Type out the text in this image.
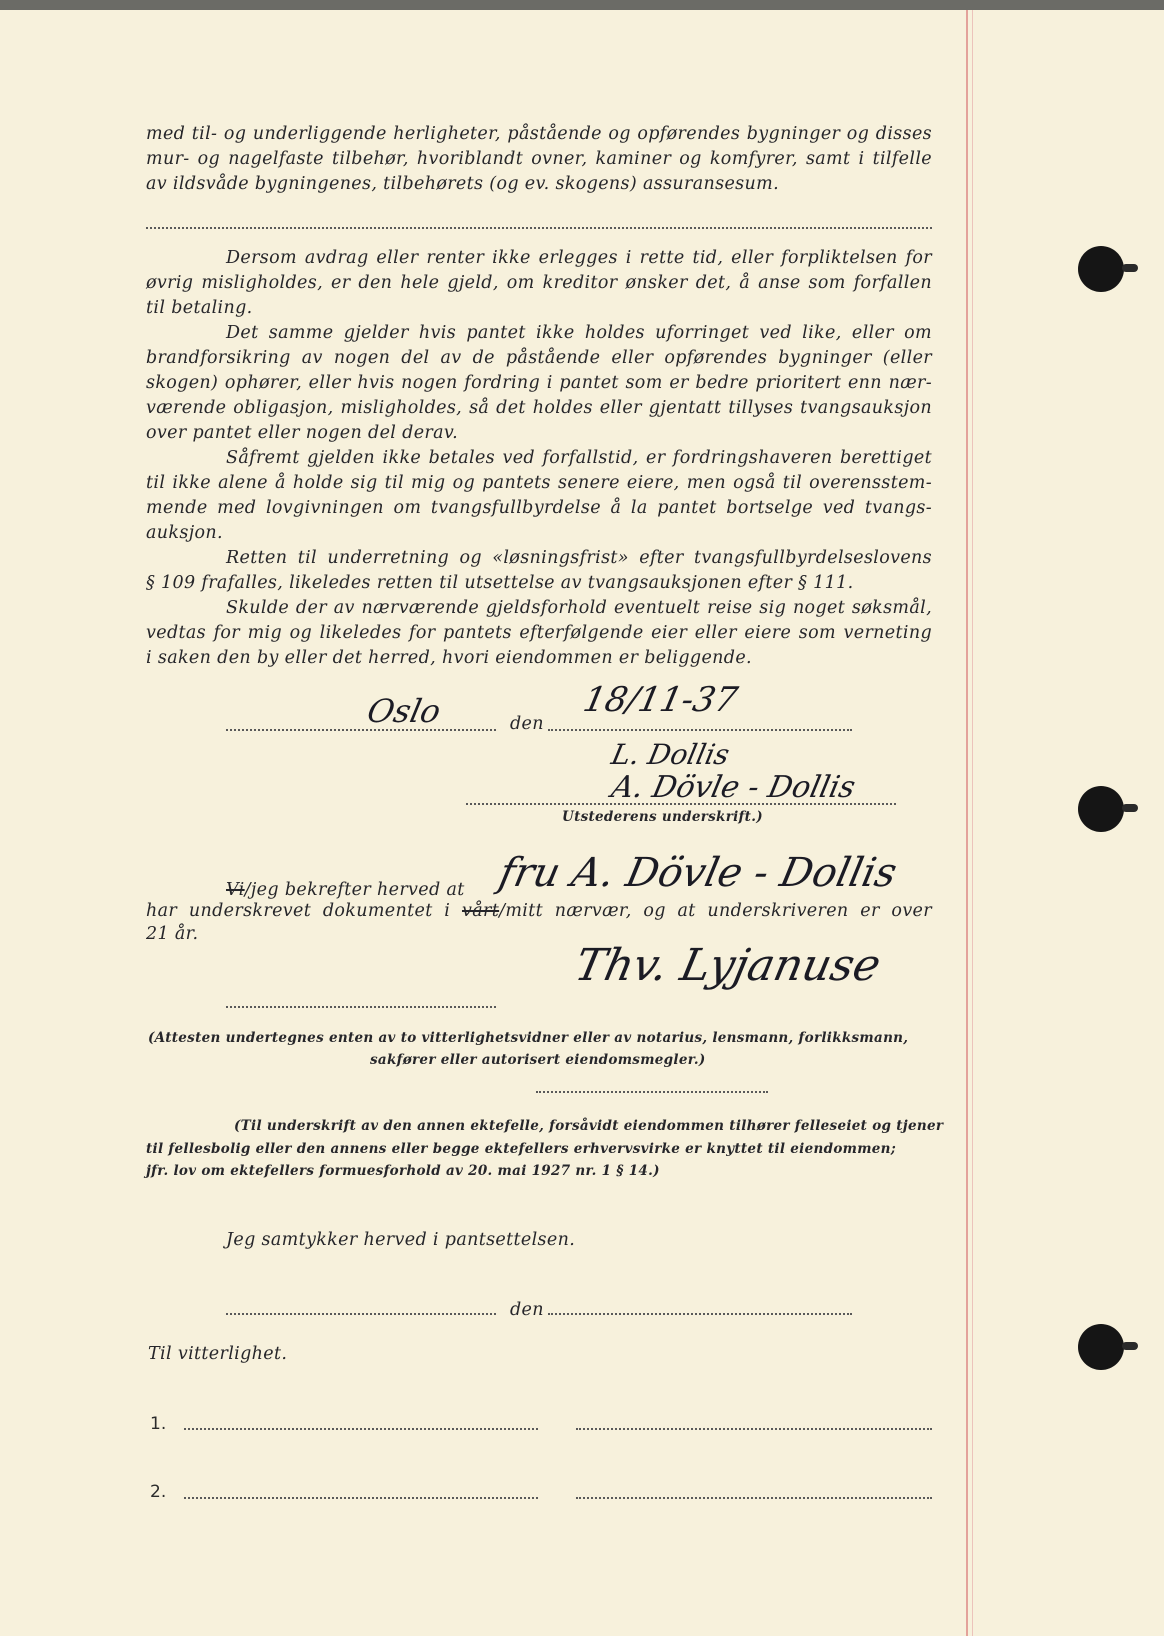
med til- og underliggende herligheter, påstående og opførendes bygninger og disses
mur- og nagelfaste tilbehør, hvoriblandt ovner, kaminer og komfyrer, samt i tilfelle
av ildsvåde bygningenes, tilbehørets (og ev. skogens) assuransesum.
Dersom avdrag eller renter ikke erlegges i rette tid, eller forpliktelsen for
øvrig misligholdes, er den hele gjeld, om kreditor ønsker det, å anse som forfallen
til betaling.
Det samme gjelder hvis pantet ikke holdes uforringet ved like, eller om
brandforsikring av nogen del av de påstående eller opførendes bygninger (eller
skogen) ophører, eller hvis nogen fordring i pantet som er bedre prioritert enn nær-
værende obligasjon, misligholdes, så det holdes eller gjentatt tillyses tvangsauksjon
over pantet eller nogen del derav.
Såfremt gjelden ikke betales ved forfallstid, er fordringshaveren berettiget
til ikke alene å holde sig til mig og pantets senere eiere, men også til overensstem-
mende med lovgivningen om tvangsfullbyrdelse å la pantet bortselge ved tvangs-
auksjon.
Retten til underretning og «løsningsfrist» efter tvangsfullbyrdelseslovens
§ 109 frafalles, likeledes retten til utsettelse av tvangsauksjonen efter § 111.
Skulde der av nærværende gjeldsforhold eventuelt reise sig noget søksmål,
vedtas for mig og likeledes for pantets efterfølgende eier eller eiere som verneting
i saken den by eller det herred, hvori eiendommen er beliggende.
Oslo	den
18/11-37
L. Dollis
A. Dövle - Dollis
Utstederens underskrift.)
Vi/jeg bekrefter herved at fru A. Dövle - Dollis
har underskrevet dokumentet i vårt/mitt nærvær, og at underskriveren er over
21 år.
Thv. Lyjanuse
(Attesten undertegnes enten av to vitterlighetsvidner eller av notarius, lensmann, forlikksmann,
sakfører eller autorisert eiendomsmegler.)
(Til underskrift av den annen ektefelle, forsåvidt eiendommen tilhører felleseiet og tjener
til fellesbolig eller den annens eller begge ektefellers erhvervsvirke er knyttet til eiendommen;
jfr. lov om ektefellers formuesforhold av 20. mai 1927 nr. 1 § 14.)
Jeg samtykker herved i pantsettelsen.
den
Til vitterlighet.
1.
2.
